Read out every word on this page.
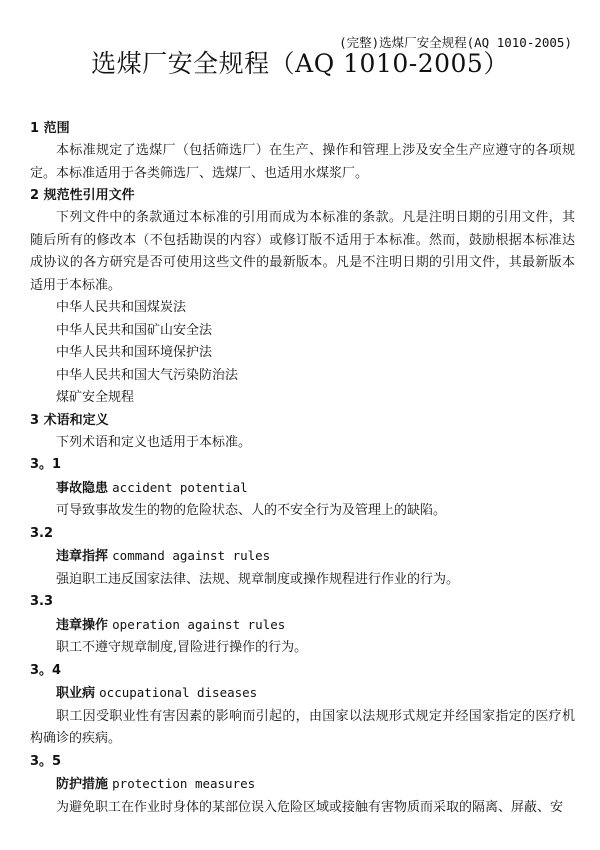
(完整)选煤厂安全规程(AQ 1010-2005)
选煤厂安全规程（AQ 1010-2005）

1 范围

本标准规定了选煤厂（包括筛选厂）在生产、操作和管理上涉及安全生产应遵守的各项规定。本标准适用于各类筛选厂、选煤厂、也适用水煤浆厂。

2 规范性引用文件

下列文件中的条款通过本标准的引用而成为本标准的条款。凡是注明日期的引用文件，其随后所有的修改本（不包括勘误的内容）或修订版不适用于本标准。然而，鼓励根据本标准达成协议的各方研究是否可使用这些文件的最新版本。凡是不注明日期的引用文件，其最新版本适用于本标准。

中华人民共和国煤炭法

中华人民共和国矿山安全法

中华人民共和国环境保护法

中华人民共和国大气污染防治法

煤矿安全规程

3 术语和定义

下列术语和定义也适用于本标准。

3。1

事故隐患 accident potential

可导致事故发生的物的危险状态、人的不安全行为及管理上的缺陷。

3.2

违章指挥 command against rules

强迫职工违反国家法律、法规、规章制度或操作规程进行作业的行为。

3.3

违章操作 operation against rules

职工不遵守规章制度,冒险进行操作的行为。

3。4

职业病 occupational diseases

职工因受职业性有害因素的影响而引起的，由国家以法规形式规定并经国家指定的医疗机构确诊的疾病。

3。5

防护措施 protection measures

为避免职工在作业时身体的某部位误入危险区域或接触有害物质而采取的隔离、屏蔽、安
